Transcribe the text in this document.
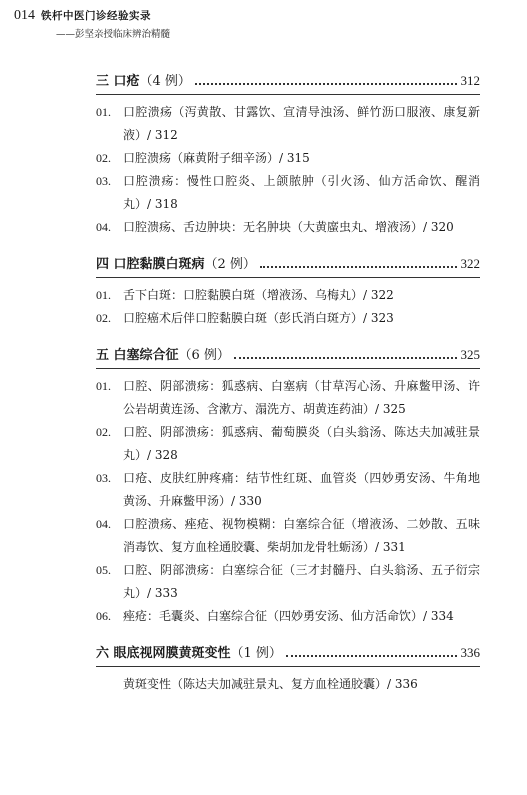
014 铁杆中医门诊经验实录
——彭坚亲授临床辨治精髓
三 口疮 （4 例）	312
01.	口腔溃疡（泻黄散、甘露饮、宣清导浊汤、鲜竹沥口服液、康复新液）/ 312
02.	口腔溃疡（麻黄附子细辛汤）/ 315
03.	口腔溃疡：慢性口腔炎、上颌脓肿（引火汤、仙方活命饮、醒消丸）/ 318
04.	口腔溃疡、舌边肿块：无名肿块（大黄䗪虫丸、增液汤）/ 320
四 口腔黏膜白斑病 （2 例）	322
01.	舌下白斑：口腔黏膜白斑（增液汤、乌梅丸）/ 322
02.	口腔癌术后伴口腔黏膜白斑（彭氏消白斑方）/ 323
五 白塞综合征 （6 例）	325
01.	口腔、阴部溃疡：狐惑病、白塞病（甘草泻心汤、升麻鳖甲汤、许公岩胡黄连汤、含漱方、溻洗方、胡黄连药油）/ 325
02.	口腔、阴部溃疡：狐惑病、葡萄膜炎（白头翁汤、陈达夫加减驻景丸）/ 328
03.	口疮、皮肤红肿疼痛：结节性红斑、血管炎（四妙勇安汤、牛角地黄汤、升麻鳖甲汤）/ 330
04.	口腔溃疡、痤疮、视物模糊：白塞综合征（增液汤、二妙散、五味消毒饮、复方血栓通胶囊、柴胡加龙骨牡蛎汤）/ 331
05.	口腔、阴部溃疡：白塞综合征（三才封髓丹、白头翁汤、五子衍宗丸）/ 333
06.	痤疮：毛囊炎、白塞综合征（四妙勇安汤、仙方活命饮）/ 334
六 眼底视网膜黄斑变性 （1 例）	336
黄斑变性（陈达夫加减驻景丸、复方血栓通胶囊）/ 336
